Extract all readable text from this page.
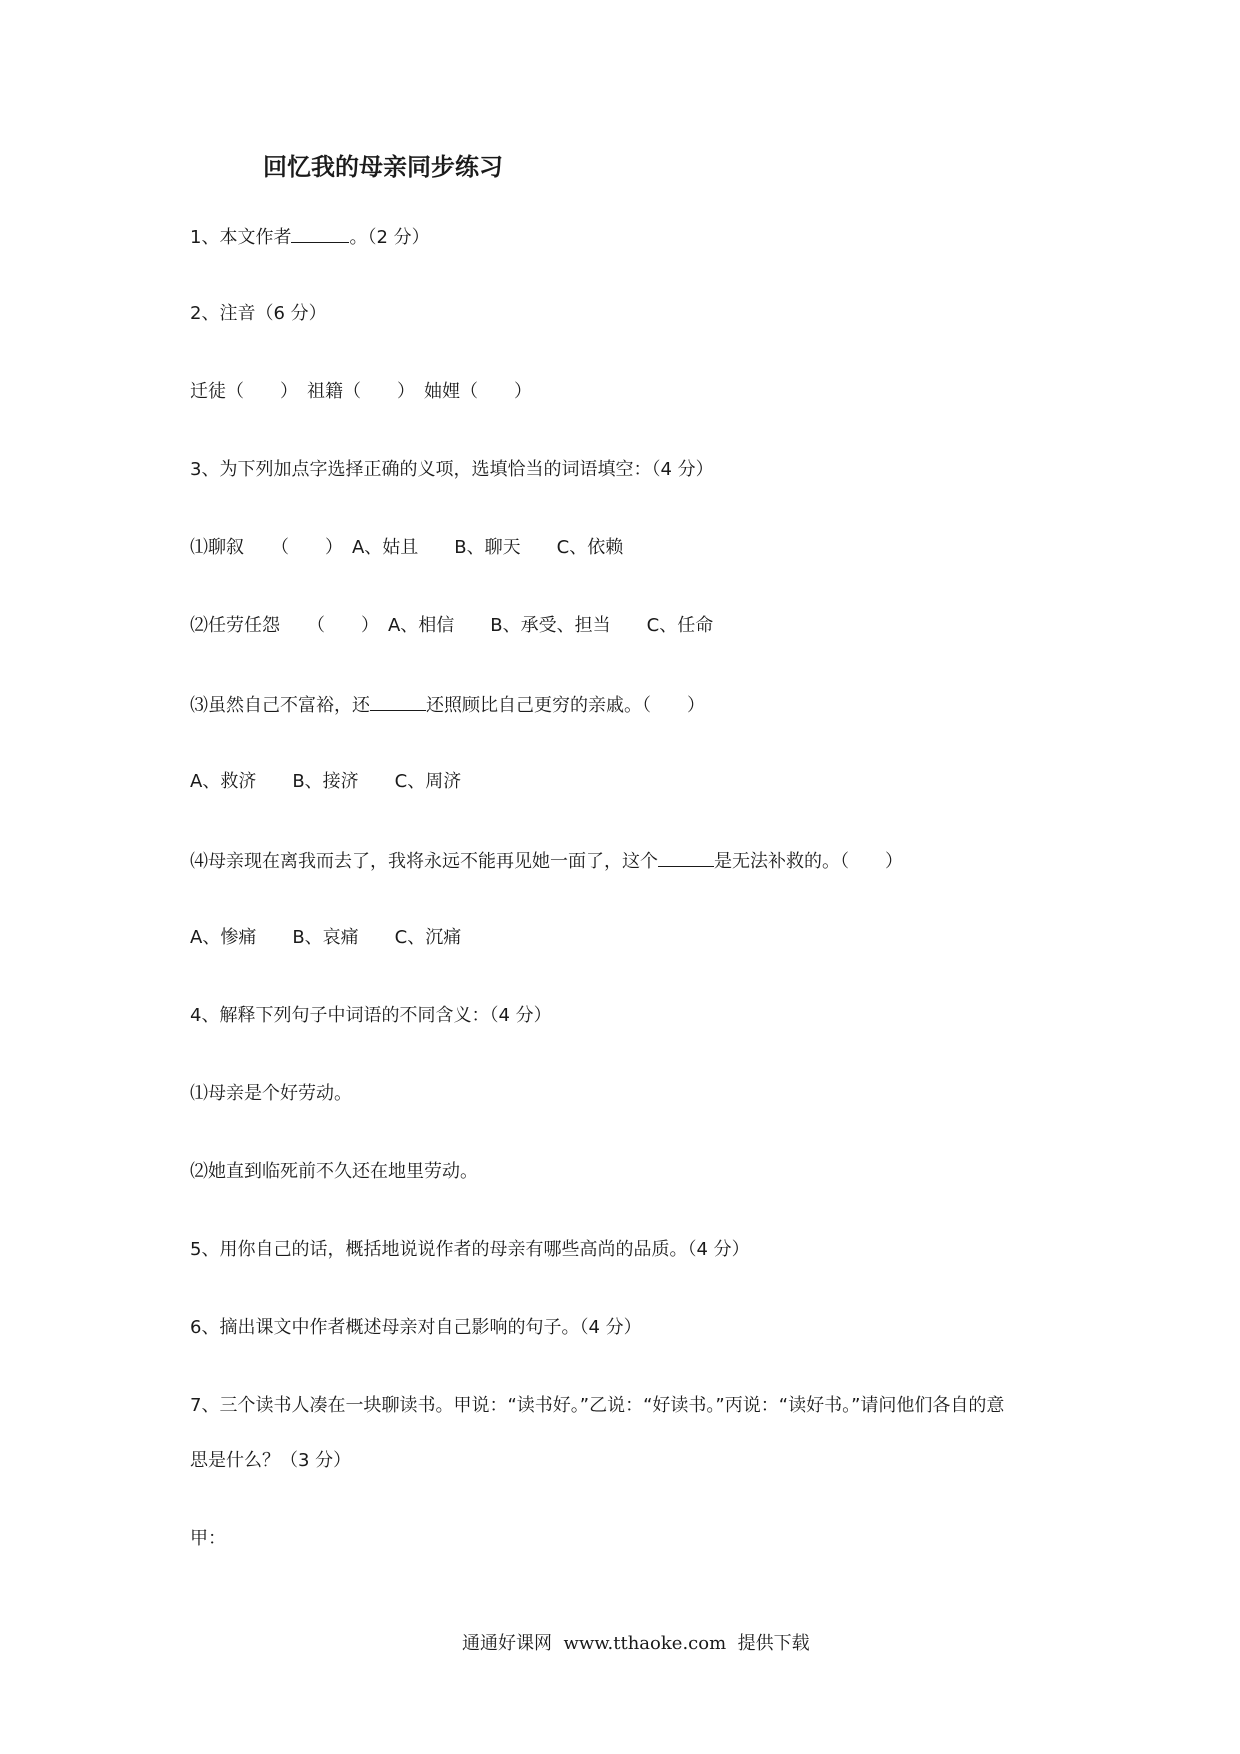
回忆我的母亲同步练习
1、本文作者	。（2 分）
2、注音（6 分）
迁徒（　　）　祖籍（　　）　妯娌（　　）
3、为下列加点字选择正确的义项，选填恰当的词语填空：（4 分）
⑴聊叙　　（　　）　A、姑且　　B、聊天　　C、依赖
⑵任劳任怨　　（　　）　A、相信　　B、承受、担当　　C、任命
⑶虽然自己不富裕，还	还照顾比自己更穷的亲戚。（　　）
A、救济　　B、接济　　C、周济
⑷母亲现在离我而去了，我将永远不能再见她一面了，这个	是无法补救的。（　　）
A、惨痛　　B、哀痛　　C、沉痛
4、解释下列句子中词语的不同含义：（4 分）
⑴母亲是个好劳动。
⑵她直到临死前不久还在地里劳动。
5、用你自己的话，概括地说说作者的母亲有哪些高尚的品质。（4 分）
6、摘出课文中作者概述母亲对自己影响的句子。（4 分）
7、三个读书人凑在一块聊读书。甲说：“读书好。”乙说：“好读书。”丙说：“读好书。”请问他们各自的意
思是什么？（3 分）
甲：
通通好课网  www.tthaoke.com  提供下载
